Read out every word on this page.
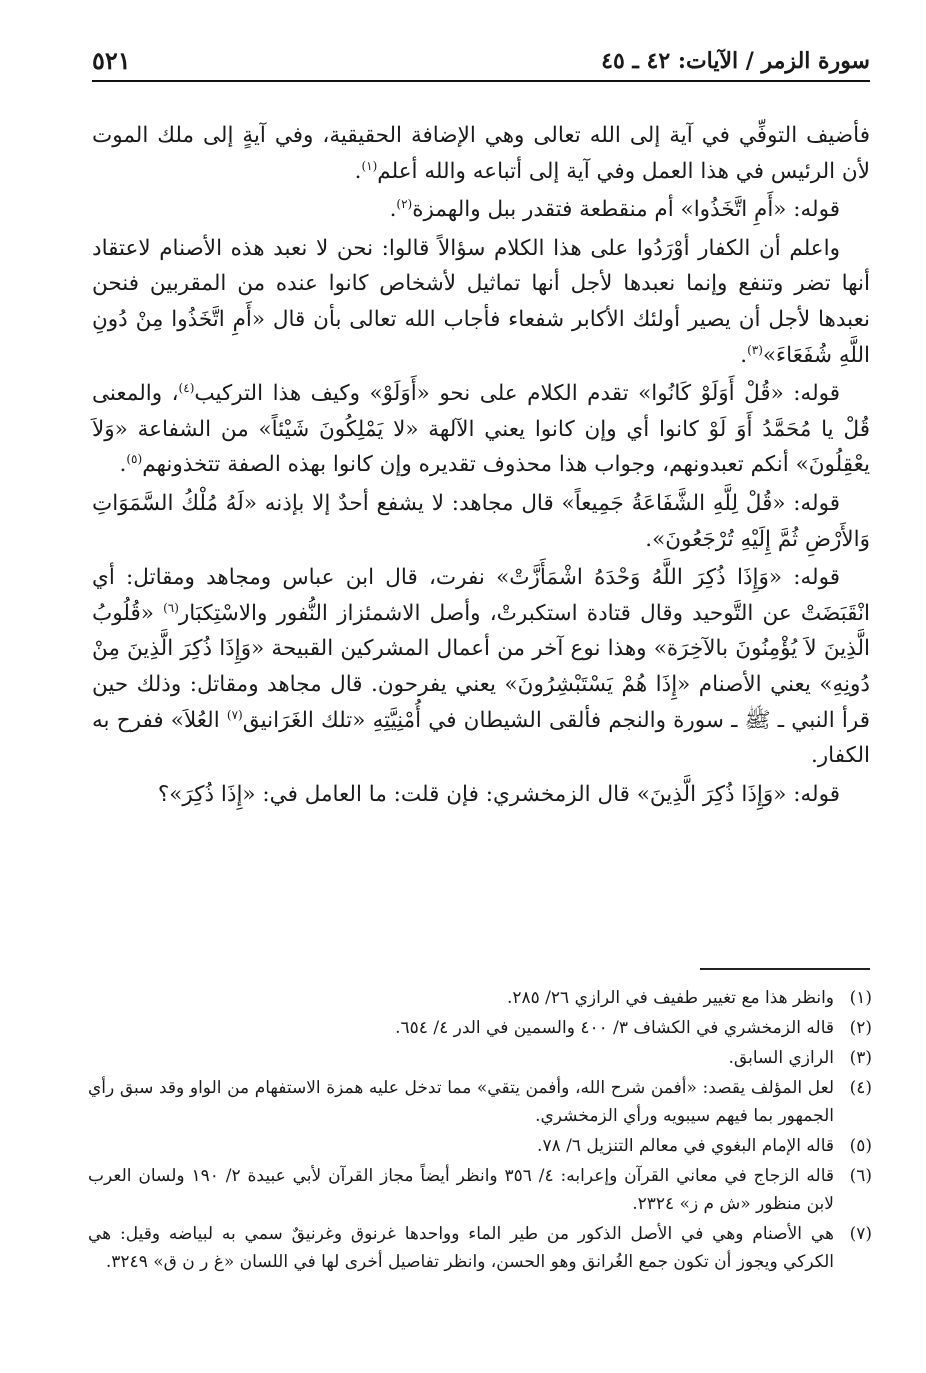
سورة الزمر / الآيات: ٤٢ ـ ٤٥
٥٢١

فأضيف التوفِّي في آية إلى الله تعالى وهي الإضافة الحقيقية، وفي آيةٍ إلى ملك الموت لأن الرئيس في هذا العمل وفي آية إلى أتباعه والله أعلم$^{(١)}$.

قوله: «أَمِ اتَّخَذُوا» أم منقطعة فتقدر ببل والهمزة$^{(٢)}$.

واعلم أن الكفار أوْرَدُوا على هذا الكلام سؤالاً قالوا: نحن لا نعبد هذه الأصنام لاعتقاد أنها تضر وتنفع وإنما نعبدها لأجل أنها تماثيل لأشخاص كانوا عنده من المقربين فنحن نعبدها لأجل أن يصير أولئك الأكابر شفعاء فأجاب الله تعالى بأن قال «أَمِ اتَّخَذُوا مِنْ دُونِ اللَّهِ شُفَعَاءَ»$^{(٣)}$.

قوله: «قُلْ أَوَلَوْ كَانُوا» تقدم الكلام على نحو «أَوَلَوْ» وكيف هذا التركيب$^{(٤)}$، والمعنى قُلْ يا مُحَمَّدُ أَوَ لَوْ كانوا أي وإن كانوا يعني الآلهة «لا يَمْلِكُونَ شَيْئاً» من الشفاعة «وَلاَ يعْقِلُونَ» أنكم تعبدونهم، وجواب هذا محذوف تقديره وإن كانوا بهذه الصفة تتخذونهم$^{(٥)}$.

قوله: «قُلْ لِلَّهِ الشَّفَاعَةُ جَمِيعاً» قال مجاهد: لا يشفع أحدٌ إلا بإذنه «لَهُ مُلْكُ السَّمَوَاتِ وَالأَرْضِ ثُمَّ إِلَيْهِ تُرْجَعُونَ».

قوله: «وَإِذَا ذُكِرَ اللَّهُ وَحْدَهُ اشْمَأَزَّتْ» نفرت، قال ابن عباس ومجاهد ومقاتل: أي انْقَبَضَتْ عن التَّوحيد وقال قتادة استكبرتْ، وأصل الاشمئزاز النُّفور والاسْتِكبَار$^{(٦)}$ «قُلُوبُ الَّذِينَ لاَ يُؤْمِنُونَ بالآخِرَة» وهذا نوع آخر من أعمال المشركين القبيحة «وَإِذَا ذُكِرَ الَّذِينَ مِنْ دُونِهِ» يعني الأصنام «إِذَا هُمْ يَسْتَبْشِرُونَ» يعني يفرحون. قال مجاهد ومقاتل: وذلك حين قرأ النبي ـ ﷺ ـ سورة والنجم فألقى الشيطان في أُمْنِيَّتِهِ «تلك الغَرَانيق$^{(٧)}$ العُلاَ» ففرح به الكفار.

قوله: «وَإِذَا ذُكِرَ الَّذِينَ» قال الزمخشري: فإن قلت: ما العامل في: «إِذَا ذُكِرَ»؟

(١)
وانظر هذا مع تغيير طفيف في الرازي ٢٦/ ٢٨٥.
(٢)
قاله الزمخشري في الكشاف ٣/ ٤٠٠ والسمين في الدر ٤/ ٦٥٤.
(٣)
الرازي السابق.
(٤)
لعل المؤلف يقصد: «أفمن شرح الله، وأفمن يتقي» مما تدخل عليه همزة الاستفهام من الواو وقد سبق رأي الجمهور بما فيهم سيبويه ورأي الزمخشري.
(٥)
قاله الإمام البغوي في معالم التنزيل ٦/ ٧٨.
(٦)
قاله الزجاج في معاني القرآن وإعرابه: ٤/ ٣٥٦ وانظر أيضاً مجاز القرآن لأبي عبيدة ٢/ ١٩٠ ولسان العرب لابن منظور «ش م ز» ٢٣٢٤.
(٧)
هي الأصنام وهي في الأصل الذكور من طير الماء وواحدها غرنوق وغرنيقٌ سمي به لبياضه وقيل: هي الكركي ويجوز أن تكون جمع الغُرانق وهو الحسن، وانظر تفاصيل أخرى لها في اللسان «غ ر ن ق» ٣٢٤٩.
